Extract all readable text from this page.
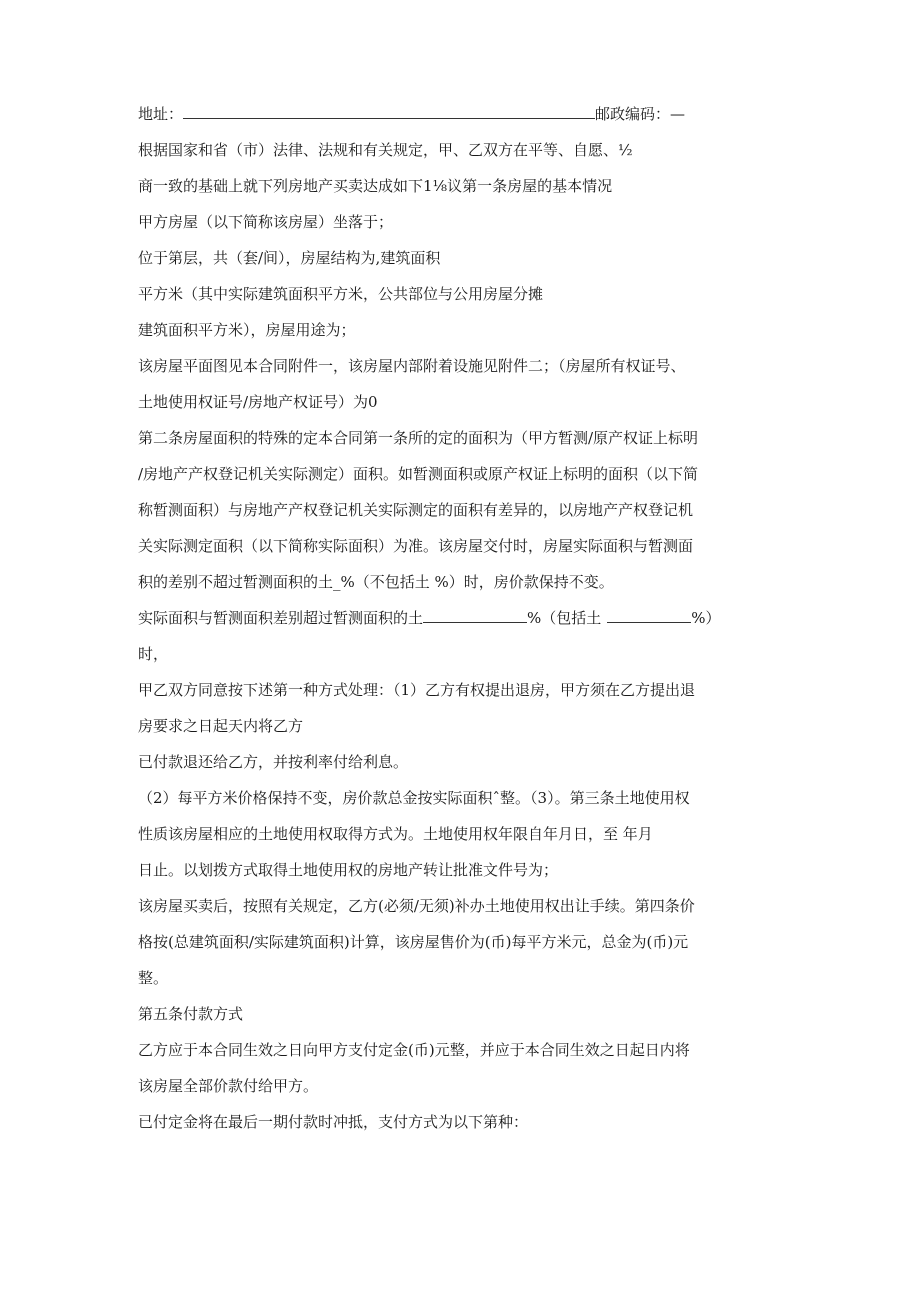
地址：	邮政编码：—

根据国家和省（市）法律、法规和有关规定，甲、乙双方在平等、自愿、½

商一致的基础上就下列房地产买卖达成如下1⅛议第一条房屋的基本情况

甲方房屋（以下简称该房屋）坐落于；

位于第层，共（套/间），房屋结构为,建筑面积

平方米（其中实际建筑面积平方米，公共部位与公用房屋分摊

建筑面积平方米），房屋用途为；

该房屋平面图见本合同附件一，该房屋内部附着设施见附件二；（房屋所有权证号、

土地使用权证号/房地产权证号）为0

第二条房屋面积的特殊的定本合同第一条所的定的面积为（甲方暂测/原产权证上标明

/房地产产权登记机关实际测定）面积。如暂测面积或原产权证上标明的面积（以下简

称暂测面积）与房地产产权登记机关实际测定的面积有差异的，以房地产产权登记机

关实际测定面积（以下简称实际面积）为准。该房屋交付时，房屋实际面积与暂测面

积的差别不超过暂测面积的土_%（不包括土 %）时，房价款保持不变。

实际面积与暂测面积差别超过暂测面积的土	%（包括土	%）

时，

甲乙双方同意按下述第一种方式处理：（1）乙方有权提出退房，甲方须在乙方提出退

房要求之日起天内将乙方

已付款退还给乙方，并按利率付给利息。

（2）每平方米价格保持不变，房价款总金按实际面积ˆ整。（3）。第三条土地使用权

性质该房屋相应的土地使用权取得方式为。土地使用权年限自年月日，至 年月

日止。以划拨方式取得土地使用权的房地产转让批准文件号为；

该房屋买卖后，按照有关规定，乙方(必须/无须)补办土地使用权出让手续。第四条价

格按(总建筑面积/实际建筑面积)计算，该房屋售价为(币)每平方米元，总金为(币)元

整。

第五条付款方式

乙方应于本合同生效之日向甲方支付定金(币)元整，并应于本合同生效之日起日内将

该房屋全部价款付给甲方。

已付定金将在最后一期付款时冲抵，支付方式为以下第种：
